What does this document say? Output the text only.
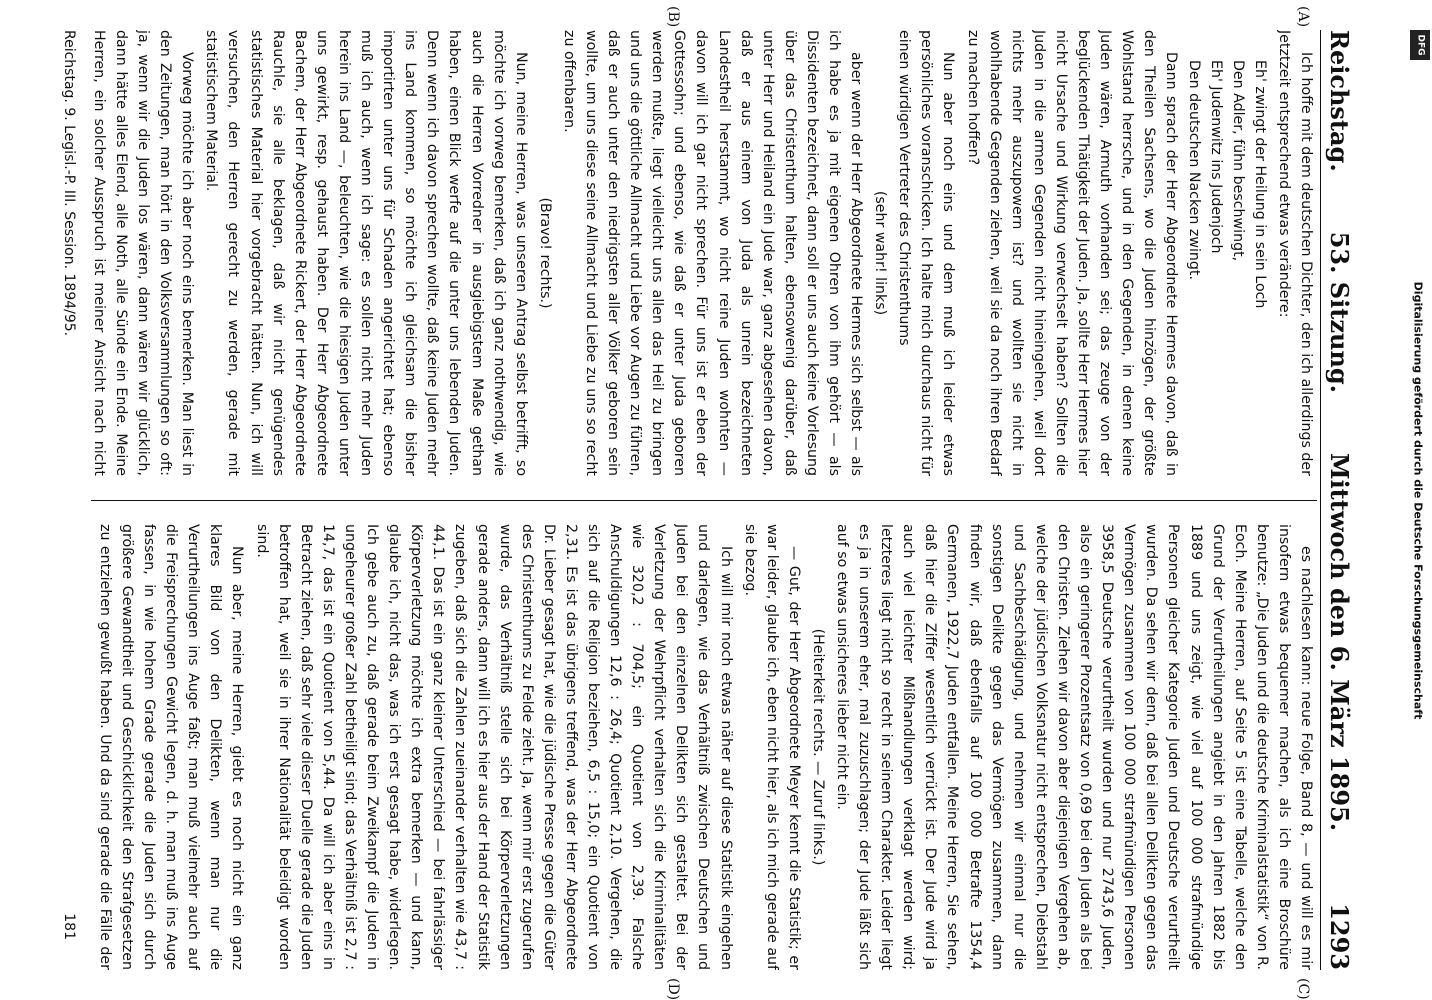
Reichstag.
53. Sitzung.
Mittwoch den 6. März 1895.
1293
(A)
(B)
(C)
(D)

Ich hoffe mit dem deutschen Dichter, den ich allerdings der Jetztzeit entsprechend etwas verändere:

Eh' zwingt der Heilung in sein Loch

Den Adler, fühn beschwingt,

Eh' Judenwitz ins Judenjoch

Den deutschen Nacken zwingt.

Dann sprach der Herr Abgeordnete Hermes davon, daß in den Theilen Sachsens, wo die Juden hinzögen, der größte Wohlstand herrsche, und in den Gegenden, in denen keine Juden wären, Armuth vorhanden sei; das zeuge von der beglückenden Thätigkeit der Juden. Ja, sollte Herr Hermes hier nicht Ursache und Wirkung verwechselt haben? Sollten die Juden in die armen Gegenden nicht hineingehen, weil dort nichts mehr auszupowern ist? und wollten sie nicht in wohlhabende Gegenden ziehen, weil sie da noch ihren Bedarf zu machen hoffen?

Nun aber noch eins und dem muß ich leider etwas persönliches voranschicken. Ich halte mich durchaus nicht für einen würdigen Vertreter des Christenthums

(sehr wahr! links)

aber wenn der Herr Abgeordnete Hermes sich selbst — als ich habe es ja mit eigenen Ohren von ihm gehört — als Dissidenten bezeichnet, dann soll er uns auch keine Vorlesung über das Christenthum halten, ebensowenig darüber, daß unter Herr und Heiland ein Jude war, ganz abgesehen davon, daß er aus einem von Juda als unrein bezeichneten Landestheil herstammt, wo nicht reine Juden wohnten — davon will ich gar nicht sprechen. Für uns ist er eben der Gottessohn; und ebenso, wie daß er unter Juda geboren werden mußte, liegt vielleicht uns allen das Heil zu bringen und uns die göttliche Allmacht und Liebe vor Augen zu führen, daß er auch unter den niedrigsten aller Völker geboren sein wollte, um uns diese seine Allmacht und Liebe zu uns so recht zu offenbaren.

(Bravo! rechts.)

Nun, meine Herren, was unseren Antrag selbst betrifft, so möchte ich vorweg bemerken, daß ich ganz nothwendig, wie auch die Herren Vorredner in ausgiebigstem Maße gethan haben, einen Blick werfe auf die unter uns lebenden Juden. Denn wenn ich davon sprechen wollte, daß keine Juden mehr ins Land kommen, so möchte ich gleichsam die bisher importirten unter uns für Schaden angerichtet hat; ebenso muß ich auch, wenn ich sage: es sollen nicht mehr Juden herein ins Land —, beleuchten, wie die hiesigen Juden unter uns gewirkt, resp. gehaust haben. Der Herr Abgeordnete Bachem, der Herr Abgeordnete Rickert, der Herr Abgeordnete Rauchle, sie alle beklagen, daß wir nicht genügendes statistisches Material hier vorgebracht hätten. Nun, ich will versuchen, den Herren gerecht zu werden, gerade mit statistischem Material.

Vorweg möchte ich aber noch eins bemerken. Man liest in den Zeitungen, man hört in den Volksversammlungen so oft: ja, wenn wir die Juden los wären, dann wären wir glücklich, dann hätte alles Elend, alle Noth, alle Sünde ein Ende. Meine Herren, ein solcher Ausspruch ist meiner Ansicht nach nicht

es nachlesen kann: neue Folge, Band 8, — und will es mir insofern etwas bequemer machen, als ich eine Broschüre benutze: „Die Juden und die deutsche Kriminalstatistik“ von R. Eoch. Meine Herren, auf Seite 5 ist eine Tabelle, welche den Grund der Verurtheilungen angiebt in den Jahren 1882 bis 1889 und uns zeigt, wie viel auf 100 000 strafmündige Personen gleicher Kategorie Juden und Deutsche verurtheilt wurden. Da sehen wir denn, daß bei allen Delikten gegen das Vermögen zusammen von 100 000 strafmündigen Personen 3958,5 Deutsche verurtheilt wurden und nur 2743,6 Juden, also ein geringerer Prozentsatz von 0,69 bei den Juden als bei den Christen. Ziehen wir davon aber diejenigen Vergehen ab, welche der jüdischen Volksnatur nicht entsprechen, Diebstahl und Sachbeschädigung, und nehmen wir einmal nur die sonstigen Delikte gegen das Vermögen zusammen, dann finden wir, daß ebenfalls auf 100 000 Betrafte 1354,4 Germanen, 1922,7 Juden entfallen. Meine Herren, Sie sehen, daß hier die Ziffer wesentlich verrückt ist. Der Jude wird ja auch viel leichter Mißhandlungen verklagt werden wird; letzteres liegt nicht so recht in seinem Charakter. Leider liegt es ja in unserem eher, mal zuzuschlagen; der Jude läßt sich auf so etwas unsicheres lieber nicht ein.

(Heiterkeit rechts. — Zuruf links.)

— Gut, der Herr Abgeordnete Meyer kennt die Statistik; er war leider, glaube ich, eben nicht hier, als ich mich gerade auf sie bezog.

Ich will mir noch etwas näher auf diese Statistik eingehen und darlegen, wie das Verhältniß zwischen Deutschen und Juden bei den einzelnen Delikten sich gestaltet. Bei der Verletzung der Wehrpflicht verhalten sich die Kriminalitäten wie 320,2 : 704,5; ein Quotient von 2,39. Falsche Anschuldigungen 12,6 : 26,4; Quotient 2,10. Vergehen, die sich auf die Religion beziehen, 6,5 : 15,0; ein Quotient von 2,31. Es ist das übrigens treffend, was der Herr Abgeordnete Dr. Lieber gesagt hat, wie die jüdische Presse gegen die Güter des Christenthums zu Felde zieht. Ja, wenn mir erst zugerufen wurde, das Verhältniß stelle sich bei Körperverletzungen gerade anders, dann will ich es hier aus der Hand der Statistik zugeben, daß sich die Zahlen zueinander verhalten wie 43,7 : 44,1. Das ist ein ganz kleiner Unterschied — bei fahrlässiger Körperverletzung möchte ich extra bemerken — und kann, glaube ich, nicht das, was ich erst gesagt habe, widerlegen. Ich gebe auch zu, daß gerade beim Zweikampf die Juden in ungeheurer großer Zahl betheiligt sind; das Verhältniß ist 2,7 : 14,7, das ist ein Quotient von 5,44. Da will ich aber eins in Betracht ziehen, daß sehr viele dieser Duelle gerade die Juden betroffen hat, weil sie in ihrer Nationalität beleidigt worden sind.

Nun aber, meine Herren, giebt es noch nicht ein ganz klares Bild von den Delikten, wenn man nur die Verurtheilungen ins Auge faßt; man muß vielmehr auch auf die Freisprechungen Gewicht legen, d. h. man muß ins Auge fassen, in wie hohem Grade gerade die Juden sich durch größere Gewandtheit und Geschicklichkeit den Strafgesetzen zu entziehen gewußt haben. Und da sind gerade die Fälle der

Reichstag. 9. Legisl.-P. III. Session. 1894/95.
181
Digitalisierung gefördert durch die Deutsche Forschungsgemeinschaft
DFG
